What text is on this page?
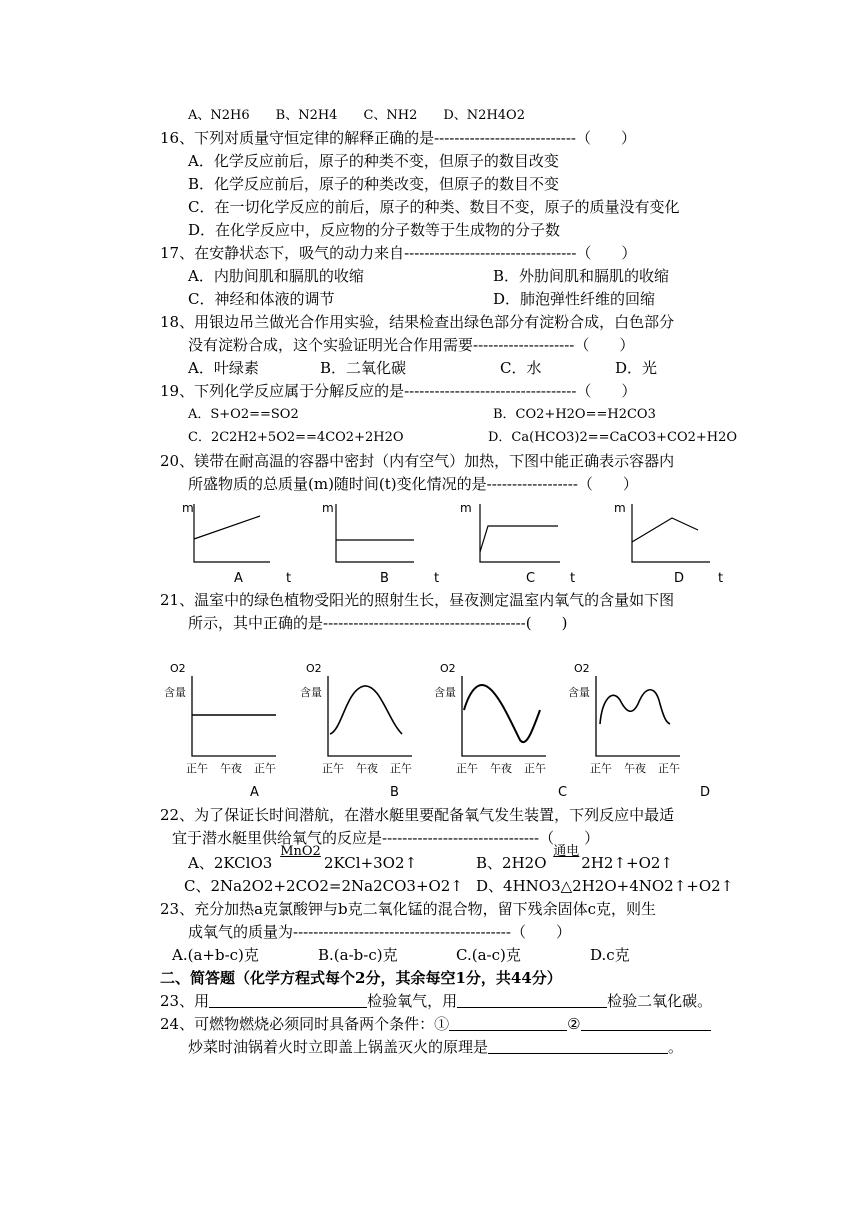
A、N2H6　　B、N2H4　　C、NH2　　D、N2H4O2
16、下列对质量守恒定律的解释正确的是----------------------------（　　）
A．化学反应前后，原子的种类不变，但原子的数目改变
B．化学反应前后，原子的种类改变，但原子的数目不变
C．在一切化学反应的前后，原子的种类、数目不变，原子的质量没有变化
D．在化学反应中，反应物的分子数等于生成物的分子数
17、在安静状态下，吸气的动力来自----------------------------------（　　）
A．内肋间肌和膈肌的收缩	B．外肋间肌和膈肌的收缩
C．神经和体液的调节	D．肺泡弹性纤维的回缩
18、用银边吊兰做光合作用实验，结果检查出绿色部分有淀粉合成，白色部分
没有淀粉合成，这个实验证明光合作用需要--------------------（　　）
A．叶绿素	B．二氧化碳	C．水	D．光
19、下列化学反应属于分解反应的是----------------------------------（　　）
A．S+O2==SO2	B．CO2+H2O==H2CO3
C．2C2H2+5O2==4CO2+2H2O	D．Ca(HCO3)2==CaCO3+CO2+H2O
20、镁带在耐高温的容器中密封（内有空气）加热，下图中能正确表示容器内
所盛物质的总质量(m)随时间(t)变化情况的是------------------（　　）
m
A	t
m
B	t
m
C	t
m
D	t
21、温室中的绿色植物受阳光的照射生长，昼夜测定温室内氧气的含量如下图
所示，其中正确的是----------------------------------------(　　)
O2
含量
正午 午夜 正午
A
O2
含量
正午 午夜 正午
B
O2
含量
正午 午夜 正午
C
O2
含量
正午 午夜 正午
D
22、为了保证长时间潜航，在潜水艇里要配备氧气发生装置，下列反应中最适
宜于潜水艇里供给氧气的反应是-------------------------------（　　）
A、2KClO3
MnO2
2KCl+3O2↑	B、2H2O
通电
2H2↑+O2↑
C、2Na2O2+2CO2=2Na2CO3+O2↑ D、4HNO3△2H2O+4NO2↑+O2↑
23、充分加热a克氯酸钾与b克二氧化锰的混合物，留下残余固体c克，则生
成氧气的质量为-------------------------------------------（　　）
A.(a+b-c)克	B.(a-b-c)克	C.(a-c)克	D.c克
二、简答题（化学方程式每个2分，其余每空1分，共44分）
23、用	检验氧气，用	检验二氧化碳。
24、可燃物燃烧必须同时具备两个条件：①	②
炒菜时油锅着火时立即盖上锅盖灭火的原理是	。
